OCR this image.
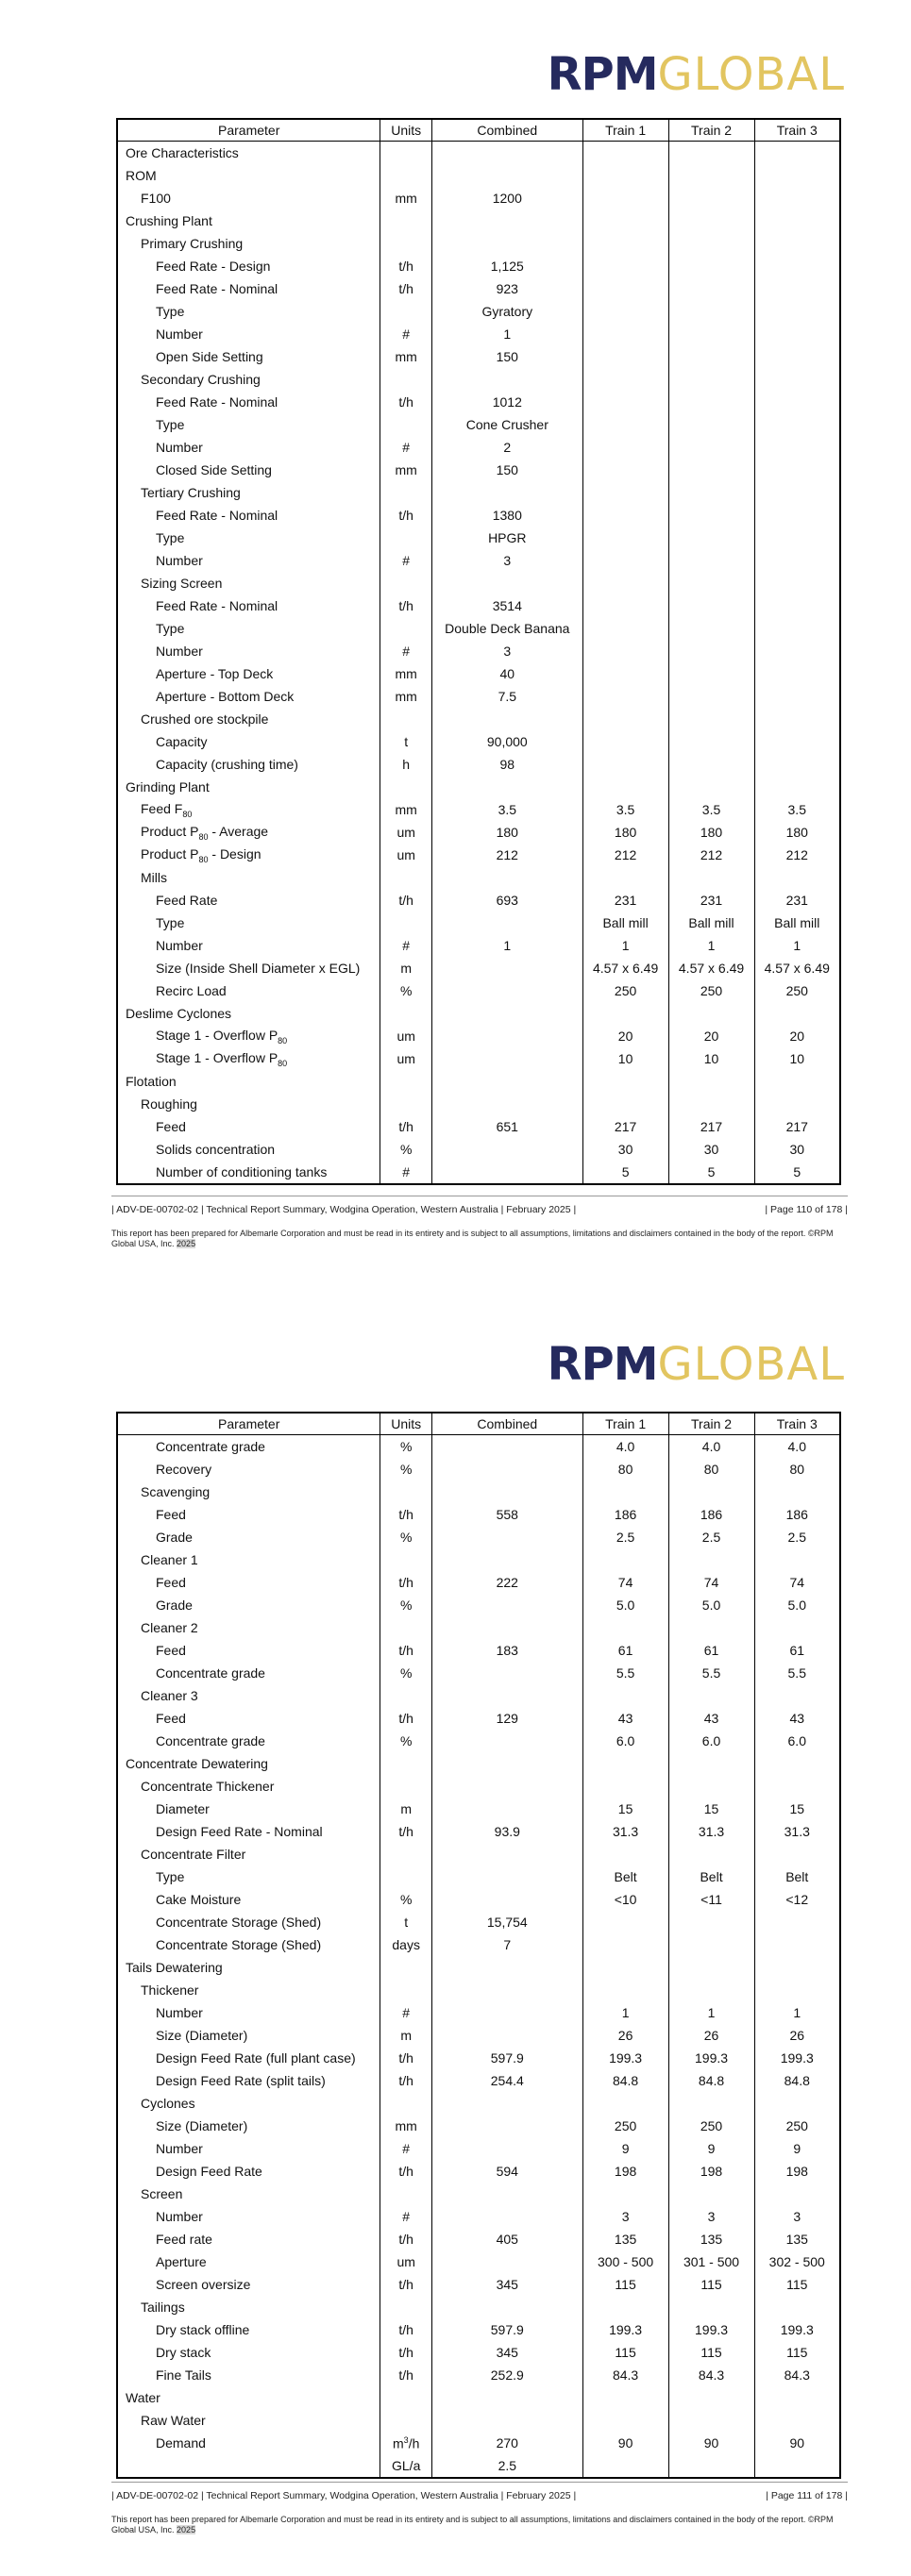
RPMGLOBAL
Parameter	Units	Combined	Train 1	Train 2	Train 3
Ore Characteristics					
ROM					
F100	mm	1200			
Crushing Plant					
Primary Crushing					
Feed Rate - Design	t/h	1,125			
Feed Rate - Nominal	t/h	923			
Type		Gyratory			
Number	#	1			
Open Side Setting	mm	150			
Secondary Crushing					
Feed Rate - Nominal	t/h	1012			
Type		Cone Crusher			
Number	#	2			
Closed Side Setting	mm	150			
Tertiary Crushing					
Feed Rate - Nominal	t/h	1380			
Type		HPGR			
Number	#	3			
Sizing Screen					
Feed Rate - Nominal	t/h	3514			
Type		Double Deck Banana			
Number	#	3			
Aperture - Top Deck	mm	40			
Aperture - Bottom Deck	mm	7.5			
Crushed ore stockpile					
Capacity	t	90,000			
Capacity (crushing time)	h	98			
Grinding Plant					
Feed $F_{80}$	mm	3.5	3.5	3.5	3.5
Product $P_{80}$ - Average	um	180	180	180	180
Product $P_{80}$ - Design	um	212	212	212	212
Mills					
Feed Rate	t/h	693	231	231	231
Type			Ball mill	Ball mill	Ball mill
Number	#	1	1	1	1
Size (Inside Shell Diameter x EGL)	m		4.57 x 6.49	4.57 x 6.49	4.57 x 6.49
Recirc Load	%		250	250	250
Deslime Cyclones					
Stage 1 - Overflow $P_{80}$	um		20	20	20
Stage 1 - Overflow $P_{80}$	um		10	10	10
Flotation					
Roughing					
Feed	t/h	651	217	217	217
Solids concentration	%		30	30	30
Number of conditioning tanks	#		5	5	5
| ADV-DE-00702-02 | Technical Report Summary, Wodgina Operation, Western Australia | February 2025 |	| Page 110 of 178 |
This report has been prepared for Albemarle Corporation and must be read in its entirety and is subject to all assumptions, limitations and disclaimers contained in the body of the report. ©RPM Global USA, Inc. 2025
RPMGLOBAL
Parameter	Units	Combined	Train 1	Train 2	Train 3
Concentrate grade	%		4.0	4.0	4.0
Recovery	%		80	80	80
Scavenging					
Feed	t/h	558	186	186	186
Grade	%		2.5	2.5	2.5
Cleaner 1					
Feed	t/h	222	74	74	74
Grade	%		5.0	5.0	5.0
Cleaner 2					
Feed	t/h	183	61	61	61
Concentrate grade	%		5.5	5.5	5.5
Cleaner 3					
Feed	t/h	129	43	43	43
Concentrate grade	%		6.0	6.0	6.0
Concentrate Dewatering					
Concentrate Thickener					
Diameter	m		15	15	15
Design Feed Rate - Nominal	t/h	93.9	31.3	31.3	31.3
Concentrate Filter					
Type			Belt	Belt	Belt
Cake Moisture	%		<10	<11	<12
Concentrate Storage (Shed)	t	15,754			
Concentrate Storage (Shed)	days	7			
Tails Dewatering					
Thickener					
Number	#		1	1	1
Size (Diameter)	m		26	26	26
Design Feed Rate (full plant case)	t/h	597.9	199.3	199.3	199.3
Design Feed Rate (split tails)	t/h	254.4	84.8	84.8	84.8
Cyclones					
Size (Diameter)	mm		250	250	250
Number	#		9	9	9
Design Feed Rate	t/h	594	198	198	198
Screen					
Number	#		3	3	3
Feed rate	t/h	405	135	135	135
Aperture	um		300 - 500	301 - 500	302 - 500
Screen oversize	t/h	345	115	115	115
Tailings					
Dry stack offline	t/h	597.9	199.3	199.3	199.3
Dry stack	t/h	345	115	115	115
Fine Tails	t/h	252.9	84.3	84.3	84.3
Water					
Raw Water					
Demand	$m^3/h$	270	90	90	90
	GL/a	2.5			
| ADV-DE-00702-02 | Technical Report Summary, Wodgina Operation, Western Australia | February 2025 |	| Page 111 of 178 |
This report has been prepared for Albemarle Corporation and must be read in its entirety and is subject to all assumptions, limitations and disclaimers contained in the body of the report. ©RPM Global USA, Inc. 2025
